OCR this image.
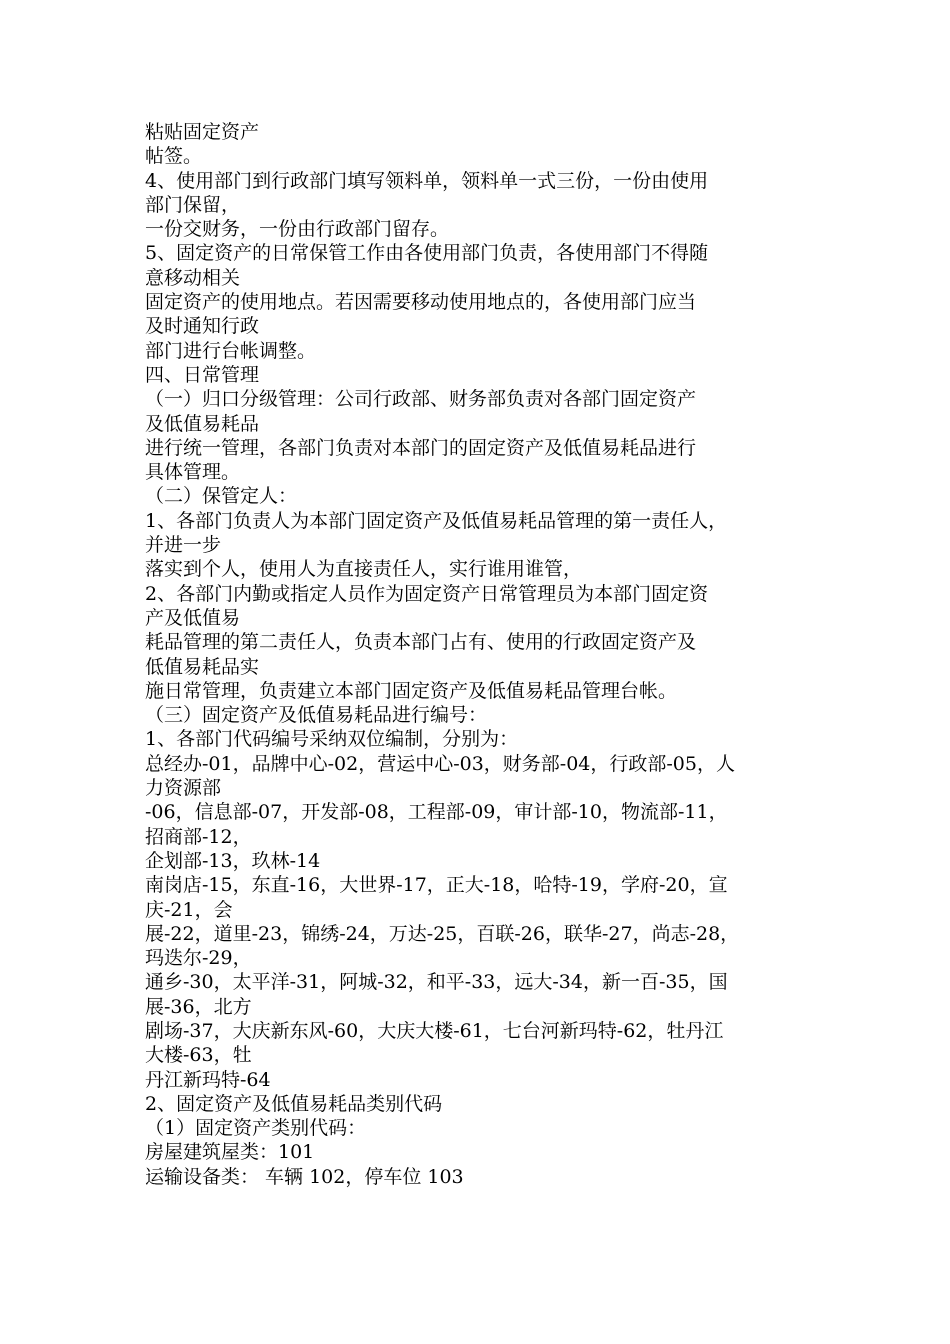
粘贴固定资产
帖签。
4、使用部门到行政部门填写领料单，领料单一式三份，一份由使用
部门保留，
一份交财务，一份由行政部门留存。
5、固定资产的日常保管工作由各使用部门负责，各使用部门不得随
意移动相关
固定资产的使用地点。若因需要移动使用地点的，各使用部门应当
及时通知行政
部门进行台帐调整。
四、日常管理
（一）归口分级管理：公司行政部、财务部负责对各部门固定资产
及低值易耗品
进行统一管理，各部门负责对本部门的固定资产及低值易耗品进行
具体管理。
（二）保管定人：
1、各部门负责人为本部门固定资产及低值易耗品管理的第一责任人，
并进一步
落实到个人，使用人为直接责任人，实行谁用谁管，
2、各部门内勤或指定人员作为固定资产日常管理员为本部门固定资
产及低值易
耗品管理的第二责任人，负责本部门占有、使用的行政固定资产及
低值易耗品实
施日常管理，负责建立本部门固定资产及低值易耗品管理台帐。
（三）固定资产及低值易耗品进行编号：
1、各部门代码编号采纳双位编制，分别为：
总经办-01，品牌中心-02，营运中心-03，财务部-04，行政部-05，人
力资源部
-06，信息部-07，开发部-08，工程部-09，审计部-10，物流部-11，
招商部-12，
企划部-13，玖林-14
南岗店-15，东直-16，大世界-17，正大-18，哈特-19，学府-20，宣
庆-21，会
展-22，道里-23，锦绣-24，万达-25，百联-26，联华-27，尚志-28，
玛迭尔-29，
通乡-30，太平洋-31，阿城-32，和平-33，远大-34，新一百-35，国
展-36，北方
剧场-37，大庆新东风-60，大庆大楼-61，七台河新玛特-62，牡丹江
大楼-63，牡
丹江新玛特-64
2、固定资产及低值易耗品类别代码
（1）固定资产类别代码：
房屋建筑屋类：101
运输设备类： 车辆 102，停车位 103
